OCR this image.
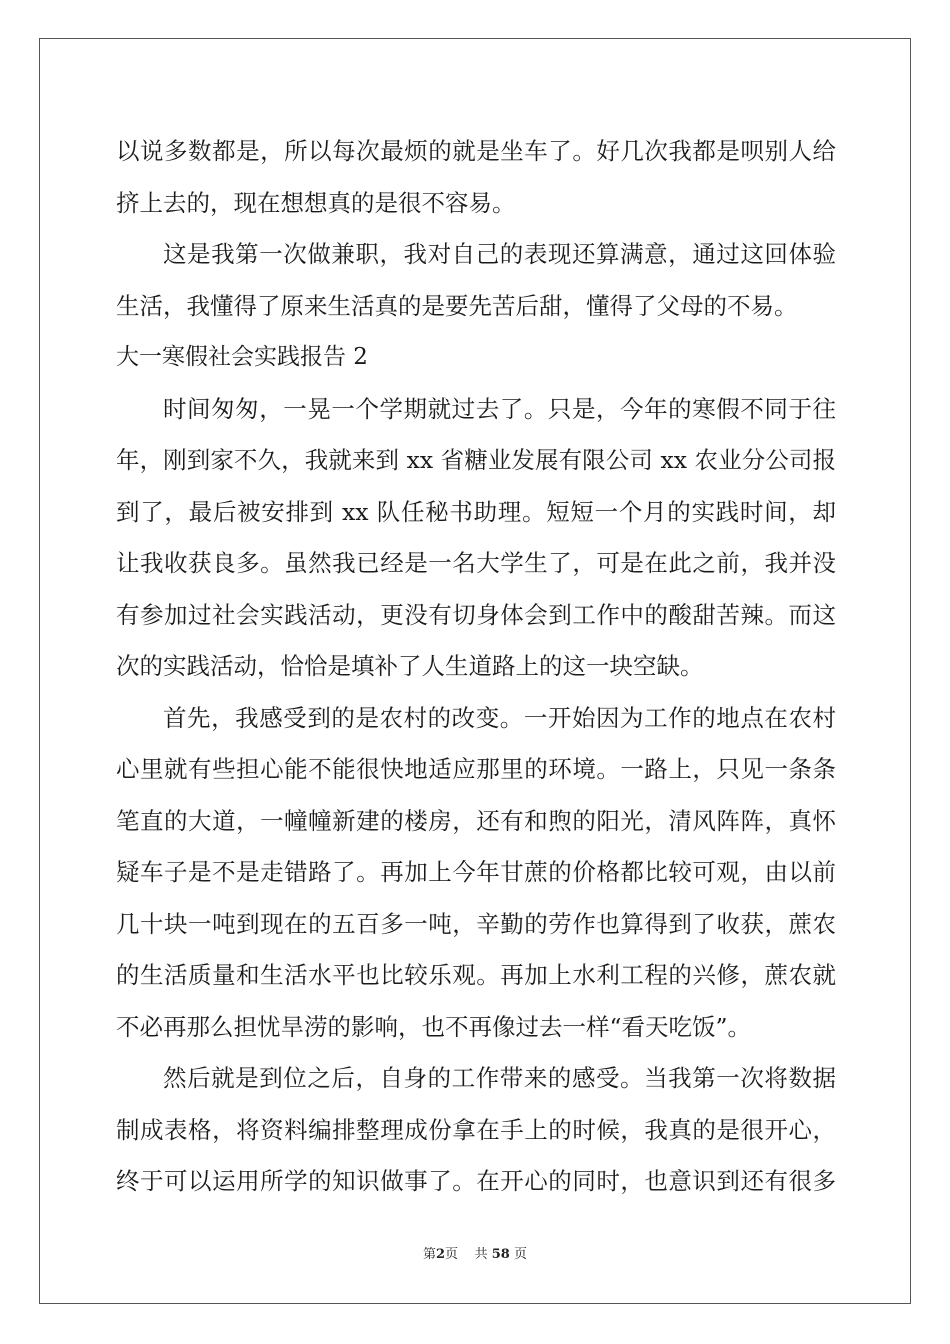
以说多数都是，所以每次最烦的就是坐车了。好几次我都是呗别人给
挤上去的，现在想想真的是很不容易。
这是我第一次做兼职，我对自己的表现还算满意，通过这回体验
生活，我懂得了原来生活真的是要先苦后甜，懂得了父母的不易。
大一寒假社会实践报告 2
时间匆匆，一晃一个学期就过去了。只是，今年的寒假不同于往
年，刚到家不久，我就来到 xx 省糖业发展有限公司 xx 农业分公司报
到了，最后被安排到 xx 队任秘书助理。短短一个月的实践时间，却
让我收获良多。虽然我已经是一名大学生了，可是在此之前，我并没
有参加过社会实践活动，更没有切身体会到工作中的酸甜苦辣。而这
次的实践活动，恰恰是填补了人生道路上的这一块空缺。
首先，我感受到的是农村的改变。一开始因为工作的地点在农村
心里就有些担心能不能很快地适应那里的环境。一路上，只见一条条
笔直的大道，一幢幢新建的楼房，还有和煦的阳光，清风阵阵，真怀
疑车子是不是走错路了。再加上今年甘蔗的价格都比较可观，由以前
几十块一吨到现在的五百多一吨，辛勤的劳作也算得到了收获，蔗农
的生活质量和生活水平也比较乐观。再加上水利工程的兴修，蔗农就
不必再那么担忧旱涝的影响，也不再像过去一样“看天吃饭”。
然后就是到位之后，自身的工作带来的感受。当我第一次将数据
制成表格，将资料编排整理成份拿在手上的时候，我真的是很开心，
终于可以运用所学的知识做事了。在开心的同时，也意识到还有很多
第2页 共 58 页
